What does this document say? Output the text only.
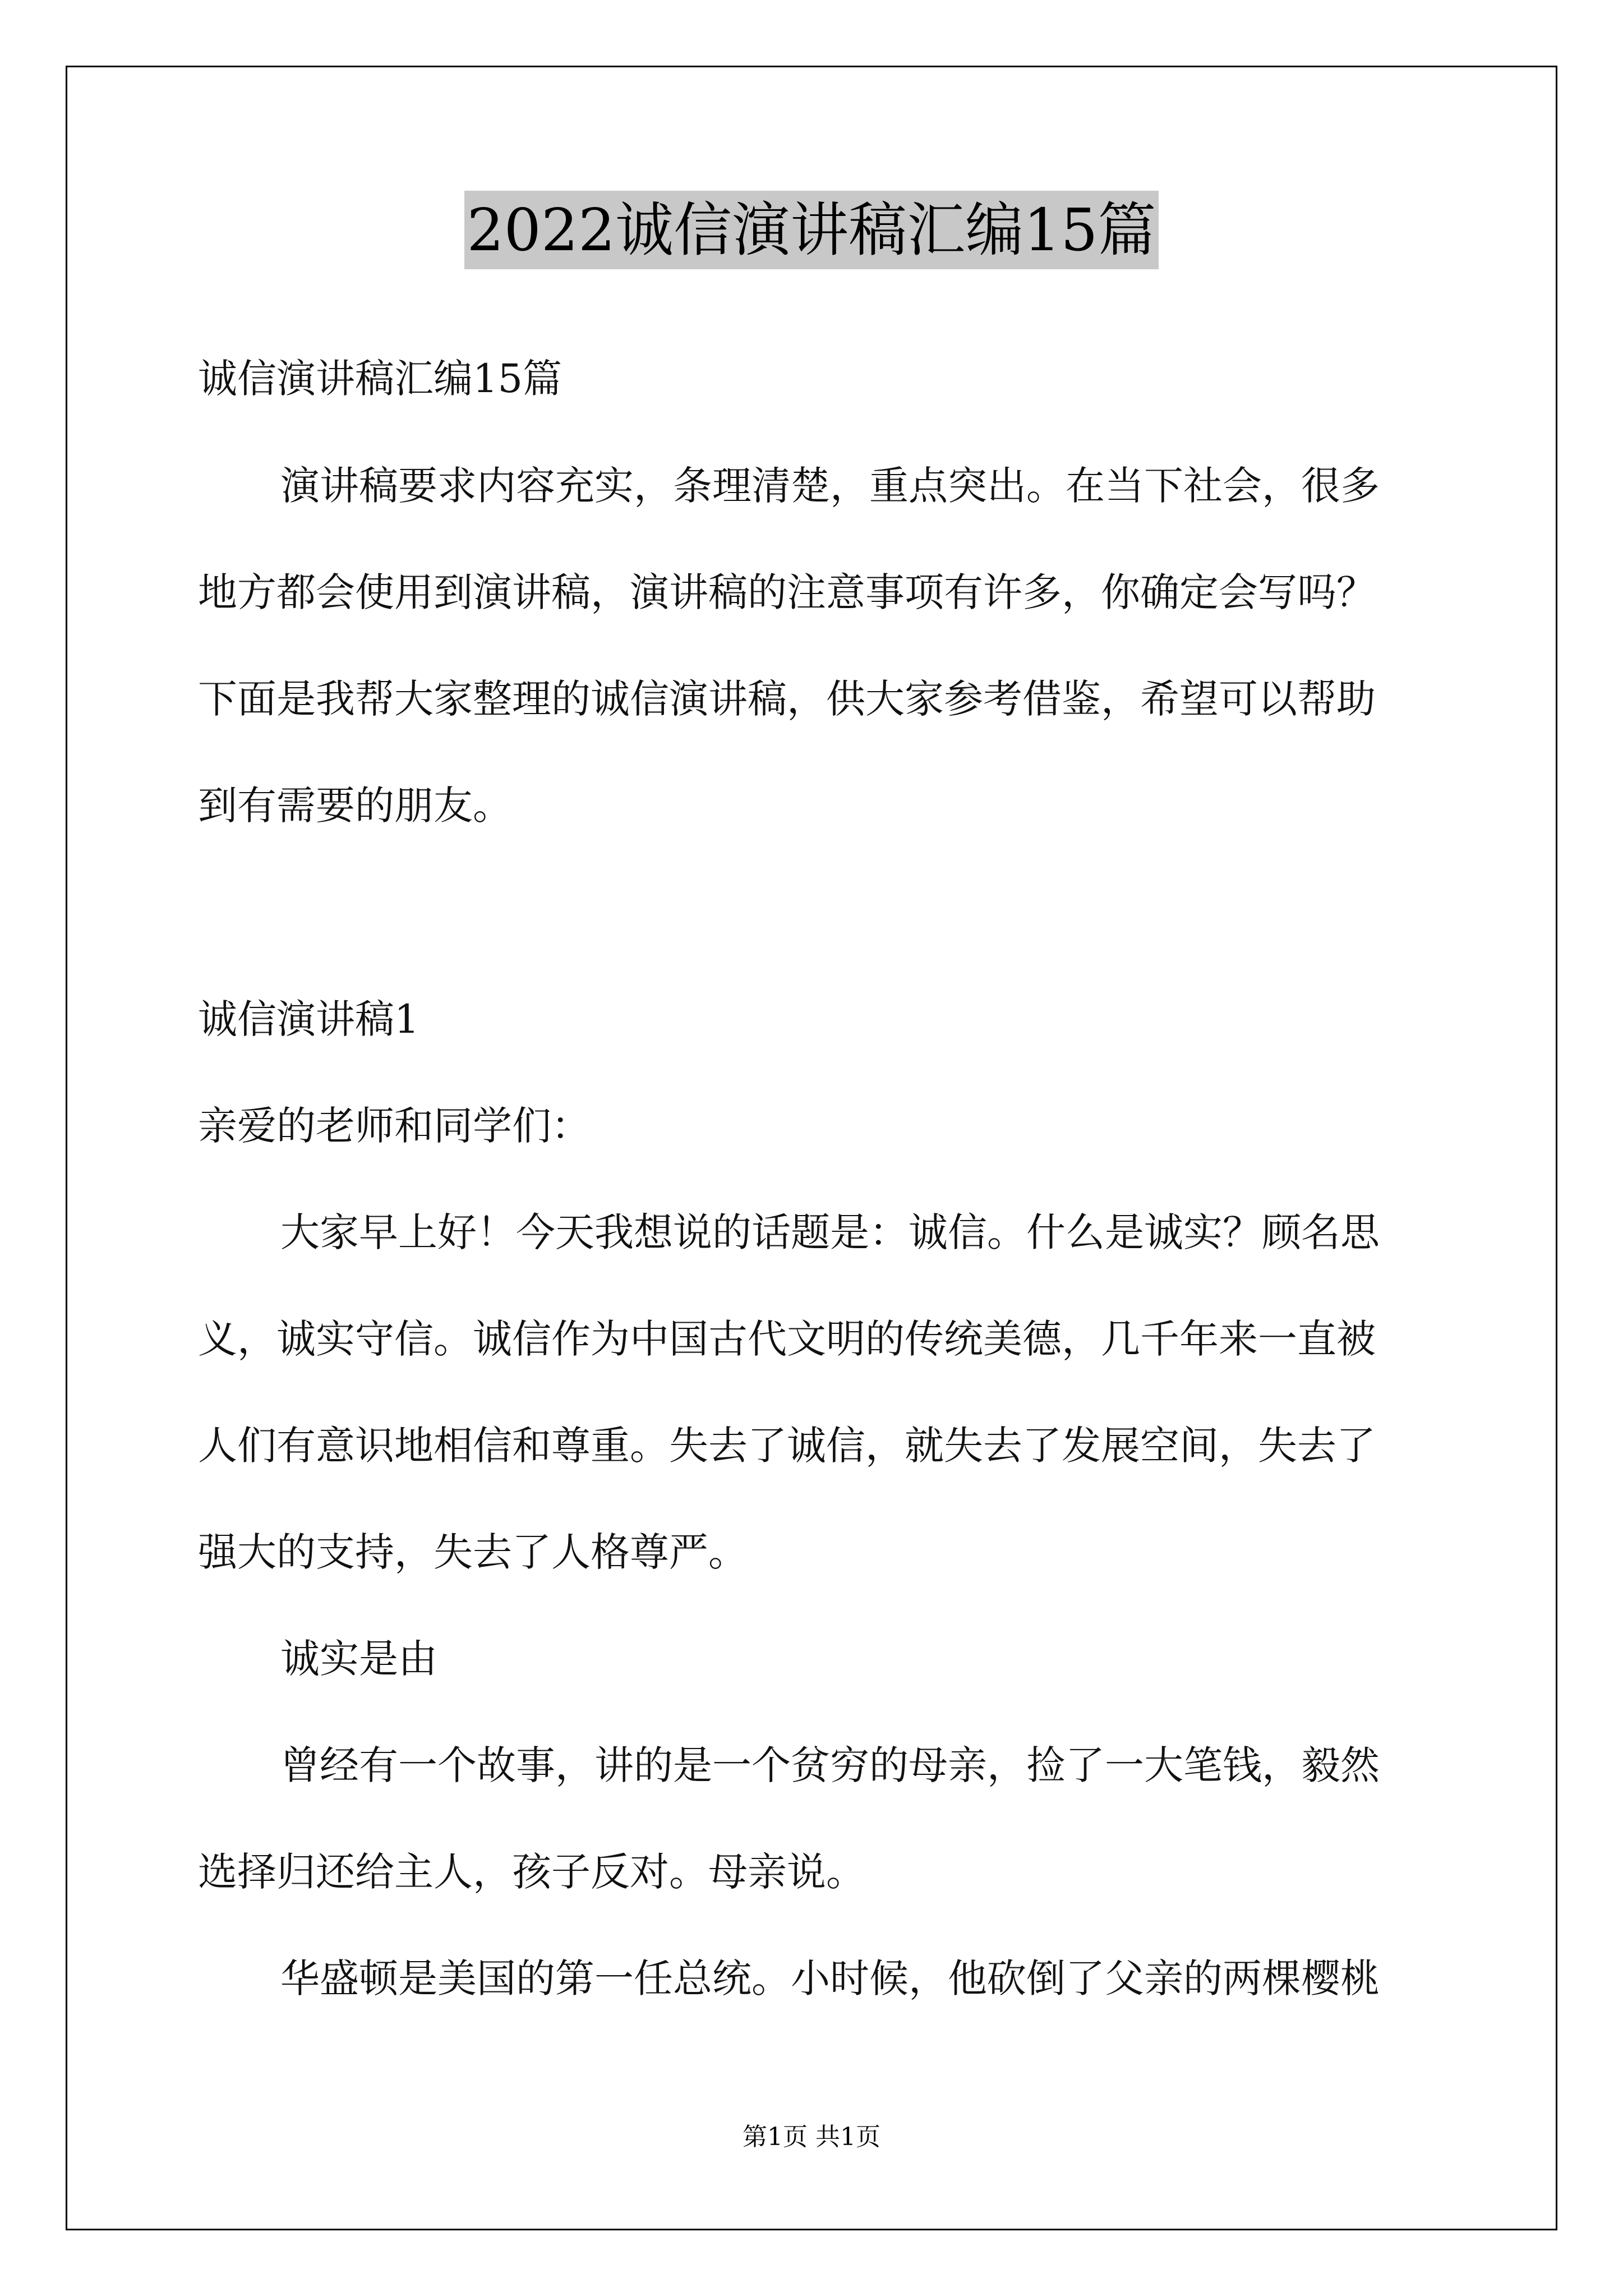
2022诚信演讲稿汇编15篇

诚信演讲稿汇编15篇

演讲稿要求内容充实，条理清楚，重点突出。在当下社会，很多

地方都会使用到演讲稿，演讲稿的注意事项有许多，你确定会写吗？

下面是我帮大家整理的诚信演讲稿，供大家参考借鉴，希望可以帮助

到有需要的朋友。

诚信演讲稿1

亲爱的老师和同学们：

大家早上好！今天我想说的话题是：诚信。什么是诚实？顾名思

义，诚实守信。诚信作为中国古代文明的传统美德，几千年来一直被

人们有意识地相信和尊重。失去了诚信，就失去了发展空间，失去了

强大的支持，失去了人格尊严。

诚实是由

曾经有一个故事，讲的是一个贫穷的母亲，捡了一大笔钱，毅然

选择归还给主人，孩子反对。母亲说。

华盛顿是美国的第一任总统。小时候，他砍倒了父亲的两棵樱桃

第1页 共1页
